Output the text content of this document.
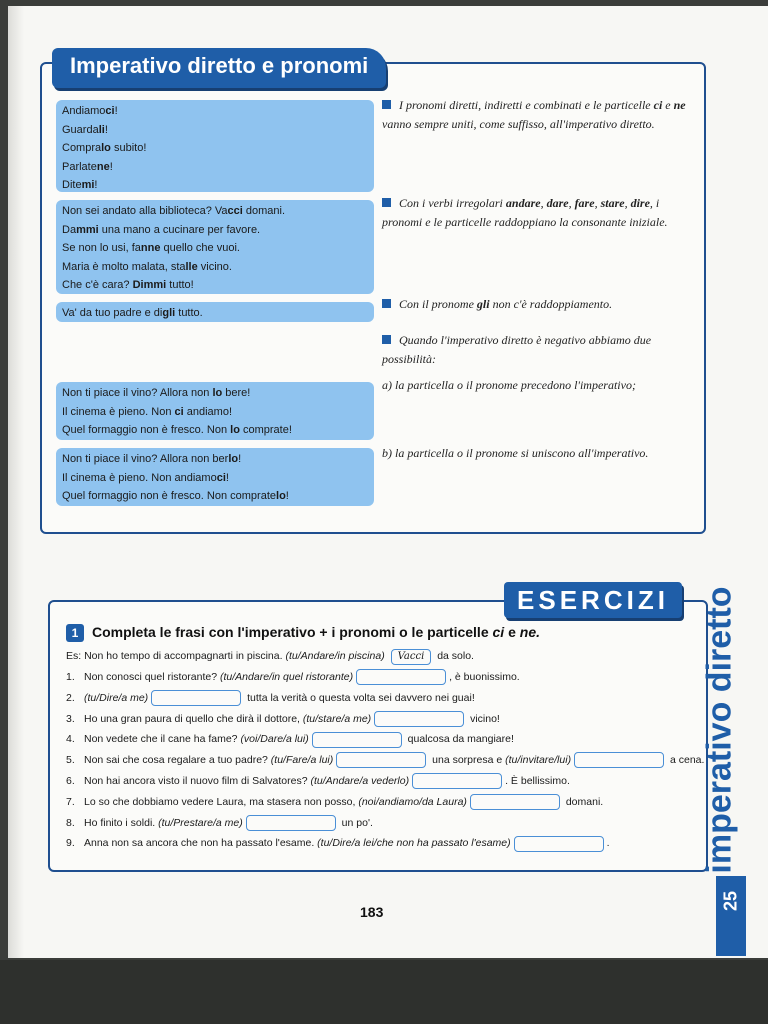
Imperativo diretto e pronomi

Andiamoci!

Guardali!

Compralo subito!

Parlatene!

Ditemi!

Non sei andato alla biblioteca? Vacci domani.

Dammi una mano a cucinare per favore.

Se non lo usi, fanne quello che vuoi.

Maria è molto malata, stalle vicino.

Che c'è cara? Dimmi tutto!

Va' da tuo padre e digli tutto.

Non ti piace il vino? Allora non lo bere!

Il cinema è pieno. Non ci andiamo!

Quel formaggio non è fresco. Non lo comprate!

Non ti piace il vino? Allora non berlo!

Il cinema è pieno. Non andiamoci!

Quel formaggio non è fresco. Non compratelo!

I pronomi diretti, indiretti e combinati e le particelle ci e ne vanno sempre uniti, come suffisso, all'imperativo diretto.
Con i verbi irregolari andare, dare, fare, stare, dire, i pronomi e le particelle raddoppiano la consonante iniziale.
Con il pronome gli non c'è raddoppiamento.
Quando l'imperativo diretto è negativo abbiamo due possibilità:
a) la particella o il pronome precedono l'imperativo;
b) la particella o il pronome si uniscono all'imperativo.
ESERCIZI imperativo diretto
25
1 Completa le frasi con l'imperativo + i pronomi o le particelle ci e ne.
Es: Non ho tempo di accompagnarti in piscina. (tu/Andare/in piscina) Vacci da solo.
1. Non conosci quel ristorante? (tu/Andare/in quel ristorante)	, è buonissimo.
2. (tu/Dire/a me)	tutta la verità o questa volta sei davvero nei guai!
3. Ho una gran paura di quello che dirà il dottore, (tu/stare/a me)	vicino!
4. Non vedete che il cane ha fame? (voi/Dare/a lui)	qualcosa da mangiare!
5. Non sai che cosa regalare a tuo padre? (tu/Fare/a lui)	una sorpresa e (tu/invitare/lui)	a cena.
6. Non hai ancora visto il nuovo film di Salvatores? (tu/Andare/a vederlo)	. È bellissimo.
7. Lo so che dobbiamo vedere Laura, ma stasera non posso, (noi/andiamo/da Laura)	domani.
8. Ho finito i soldi. (tu/Prestare/a me)	un po'.
9. Anna non sa ancora che non ha passato l'esame. (tu/Dire/a lei/che non ha passato l'esame)	.
183
